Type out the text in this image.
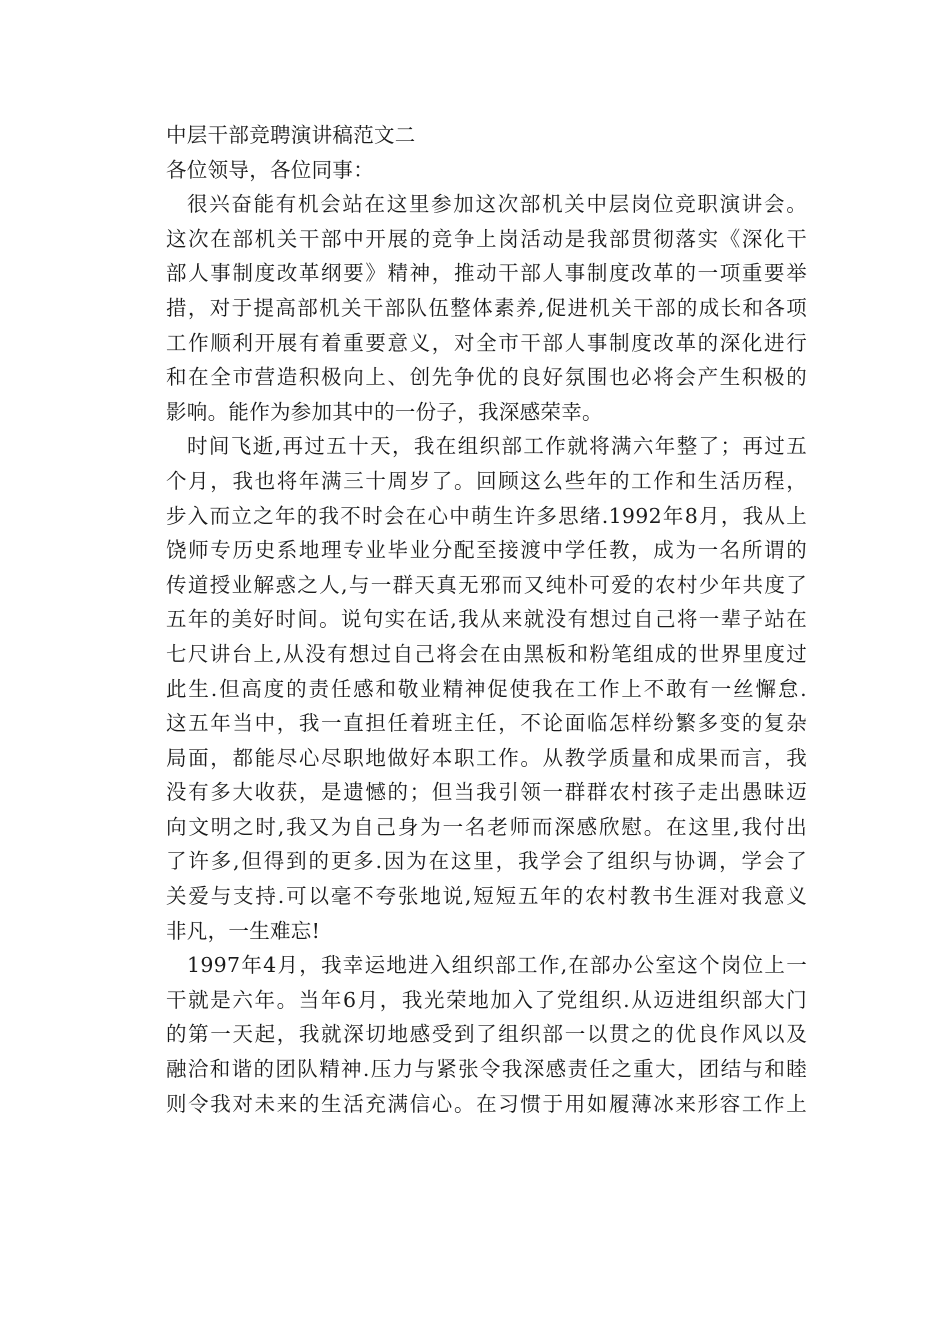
中层干部竞聘演讲稿范文二
各位领导，各位同事：
很兴奋能有机会站在这里参加这次部机关中层岗位竞职演讲会。
这次在部机关干部中开展的竞争上岗活动是我部贯彻落实《深化干
部人事制度改革纲要》精神，推动干部人事制度改革的一项重要举
措，对于提高部机关干部队伍整体素养,促进机关干部的成长和各项
工作顺利开展有着重要意义，对全市干部人事制度改革的深化进行
和在全市营造积极向上、创先争优的良好氛围也必将会产生积极的
影响。能作为参加其中的一份子，我深感荣幸。
时间飞逝,再过五十天，我在组织部工作就将满六年整了；再过五
个月，我也将年满三十周岁了。回顾这么些年的工作和生活历程，
步入而立之年的我不时会在心中萌生许多思绪.1992年8月，我从上
饶师专历史系地理专业毕业分配至接渡中学任教，成为一名所谓的
传道授业解惑之人,与一群天真无邪而又纯朴可爱的农村少年共度了
五年的美好时间。说句实在话,我从来就没有想过自己将一辈子站在
七尺讲台上,从没有想过自己将会在由黑板和粉笔组成的世界里度过
此生.但高度的责任感和敬业精神促使我在工作上不敢有一丝懈怠.
这五年当中，我一直担任着班主任，不论面临怎样纷繁多变的复杂
局面，都能尽心尽职地做好本职工作。从教学质量和成果而言，我
没有多大收获，是遗憾的；但当我引领一群群农村孩子走出愚昧迈
向文明之时,我又为自己身为一名老师而深感欣慰。在这里,我付出
了许多,但得到的更多.因为在这里，我学会了组织与协调，学会了
关爱与支持.可以毫不夸张地说,短短五年的农村教书生涯对我意义
非凡，一生难忘!
1997年4月，我幸运地进入组织部工作,在部办公室这个岗位上一
干就是六年。当年6月，我光荣地加入了党组织.从迈进组织部大门
的第一天起，我就深切地感受到了组织部一以贯之的优良作风以及
融洽和谐的团队精神.压力与紧张令我深感责任之重大，团结与和睦
则令我对未来的生活充满信心。在习惯于用如履薄冰来形容工作上
